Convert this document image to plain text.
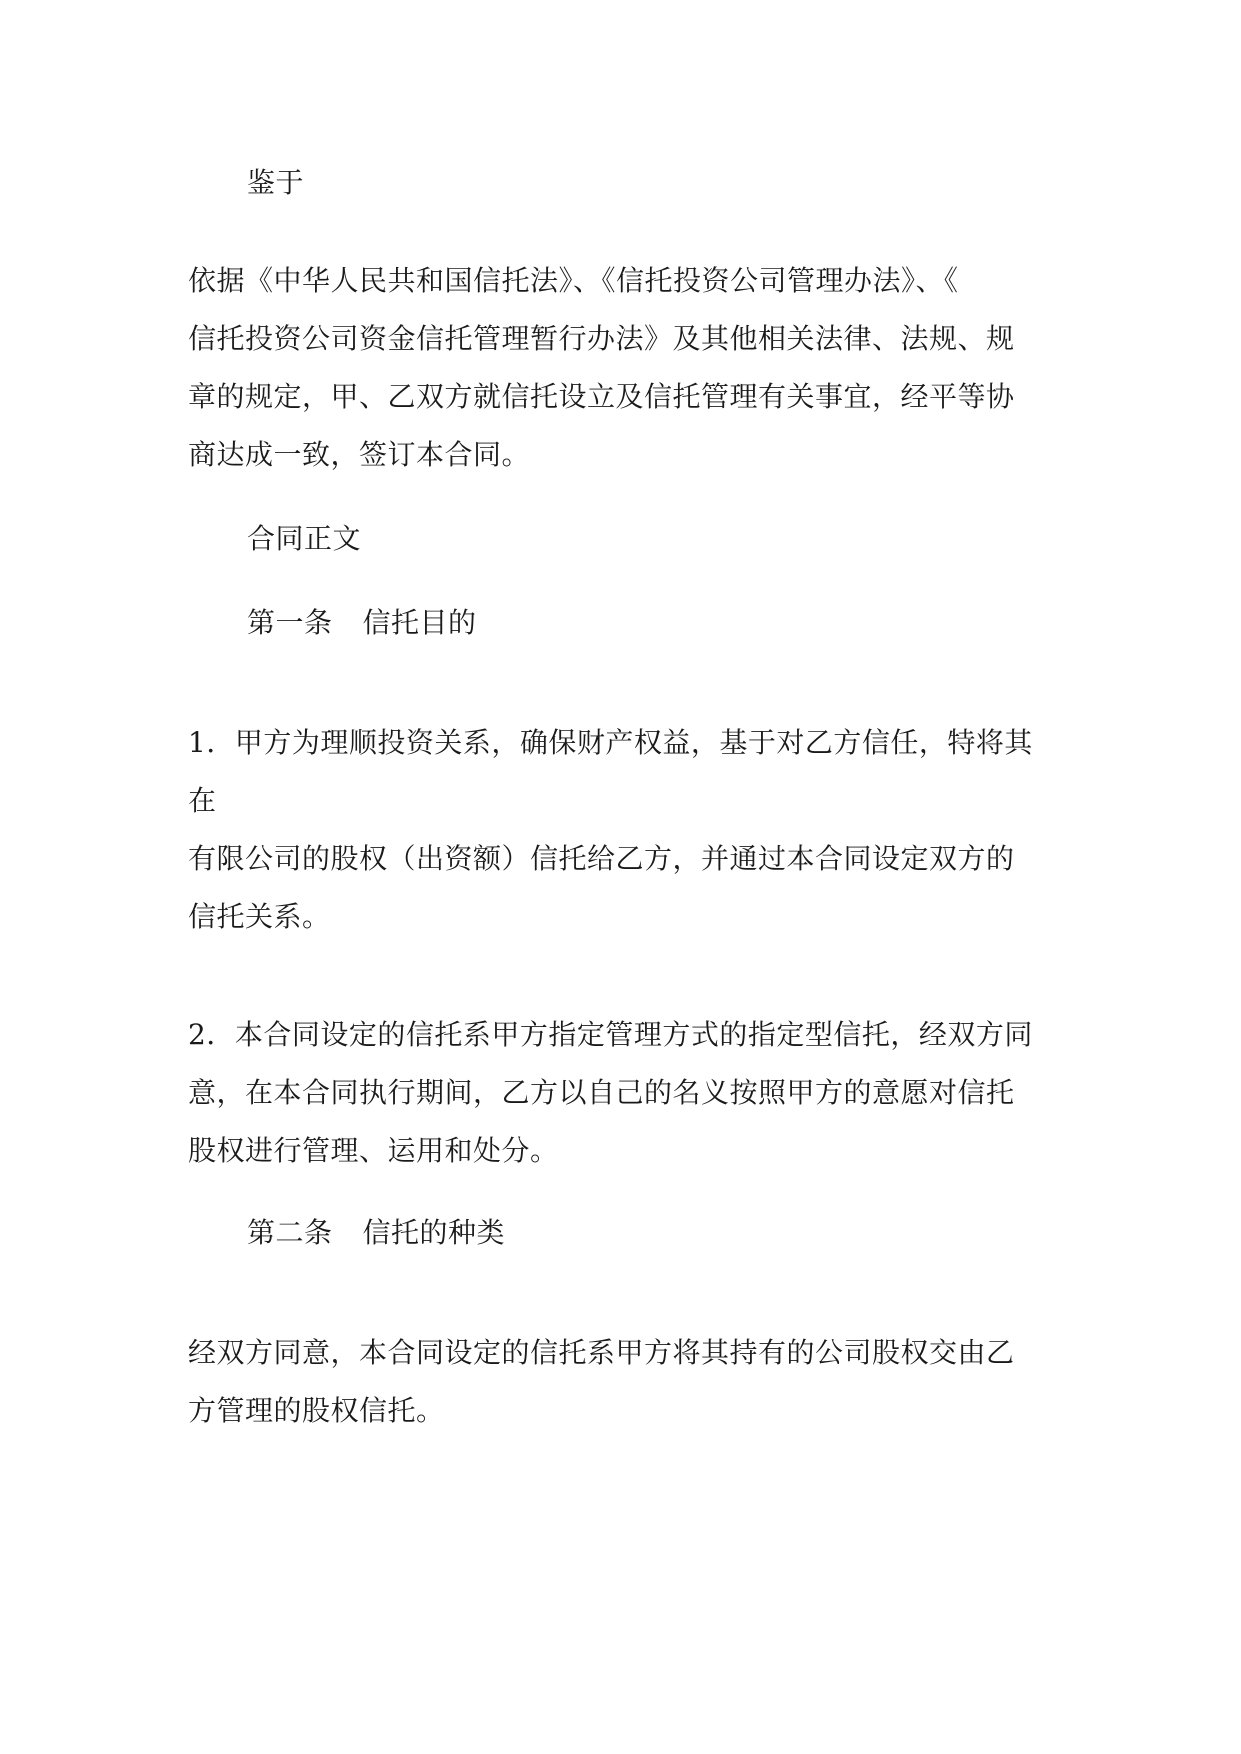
鉴于
依据《中华人民共和国信托法》、《信托投资公司管理办法》、《
信托投资公司资金信托管理暂行办法》及其他相关法律、法规、规
章的规定，甲、乙双方就信托设立及信托管理有关事宜，经平等协
商达成一致，签订本合同。
合同正文
第一条 信托目的
1．甲方为理顺投资关系，确保财产权益，基于对乙方信任，特将其
在
有限公司的股权（出资额）信托给乙方，并通过本合同设定双方的
信托关系。
2．本合同设定的信托系甲方指定管理方式的指定型信托，经双方同
意，在本合同执行期间，乙方以自己的名义按照甲方的意愿对信托
股权进行管理、运用和处分。
第二条 信托的种类
经双方同意，本合同设定的信托系甲方将其持有的公司股权交由乙
方管理的股权信托。
